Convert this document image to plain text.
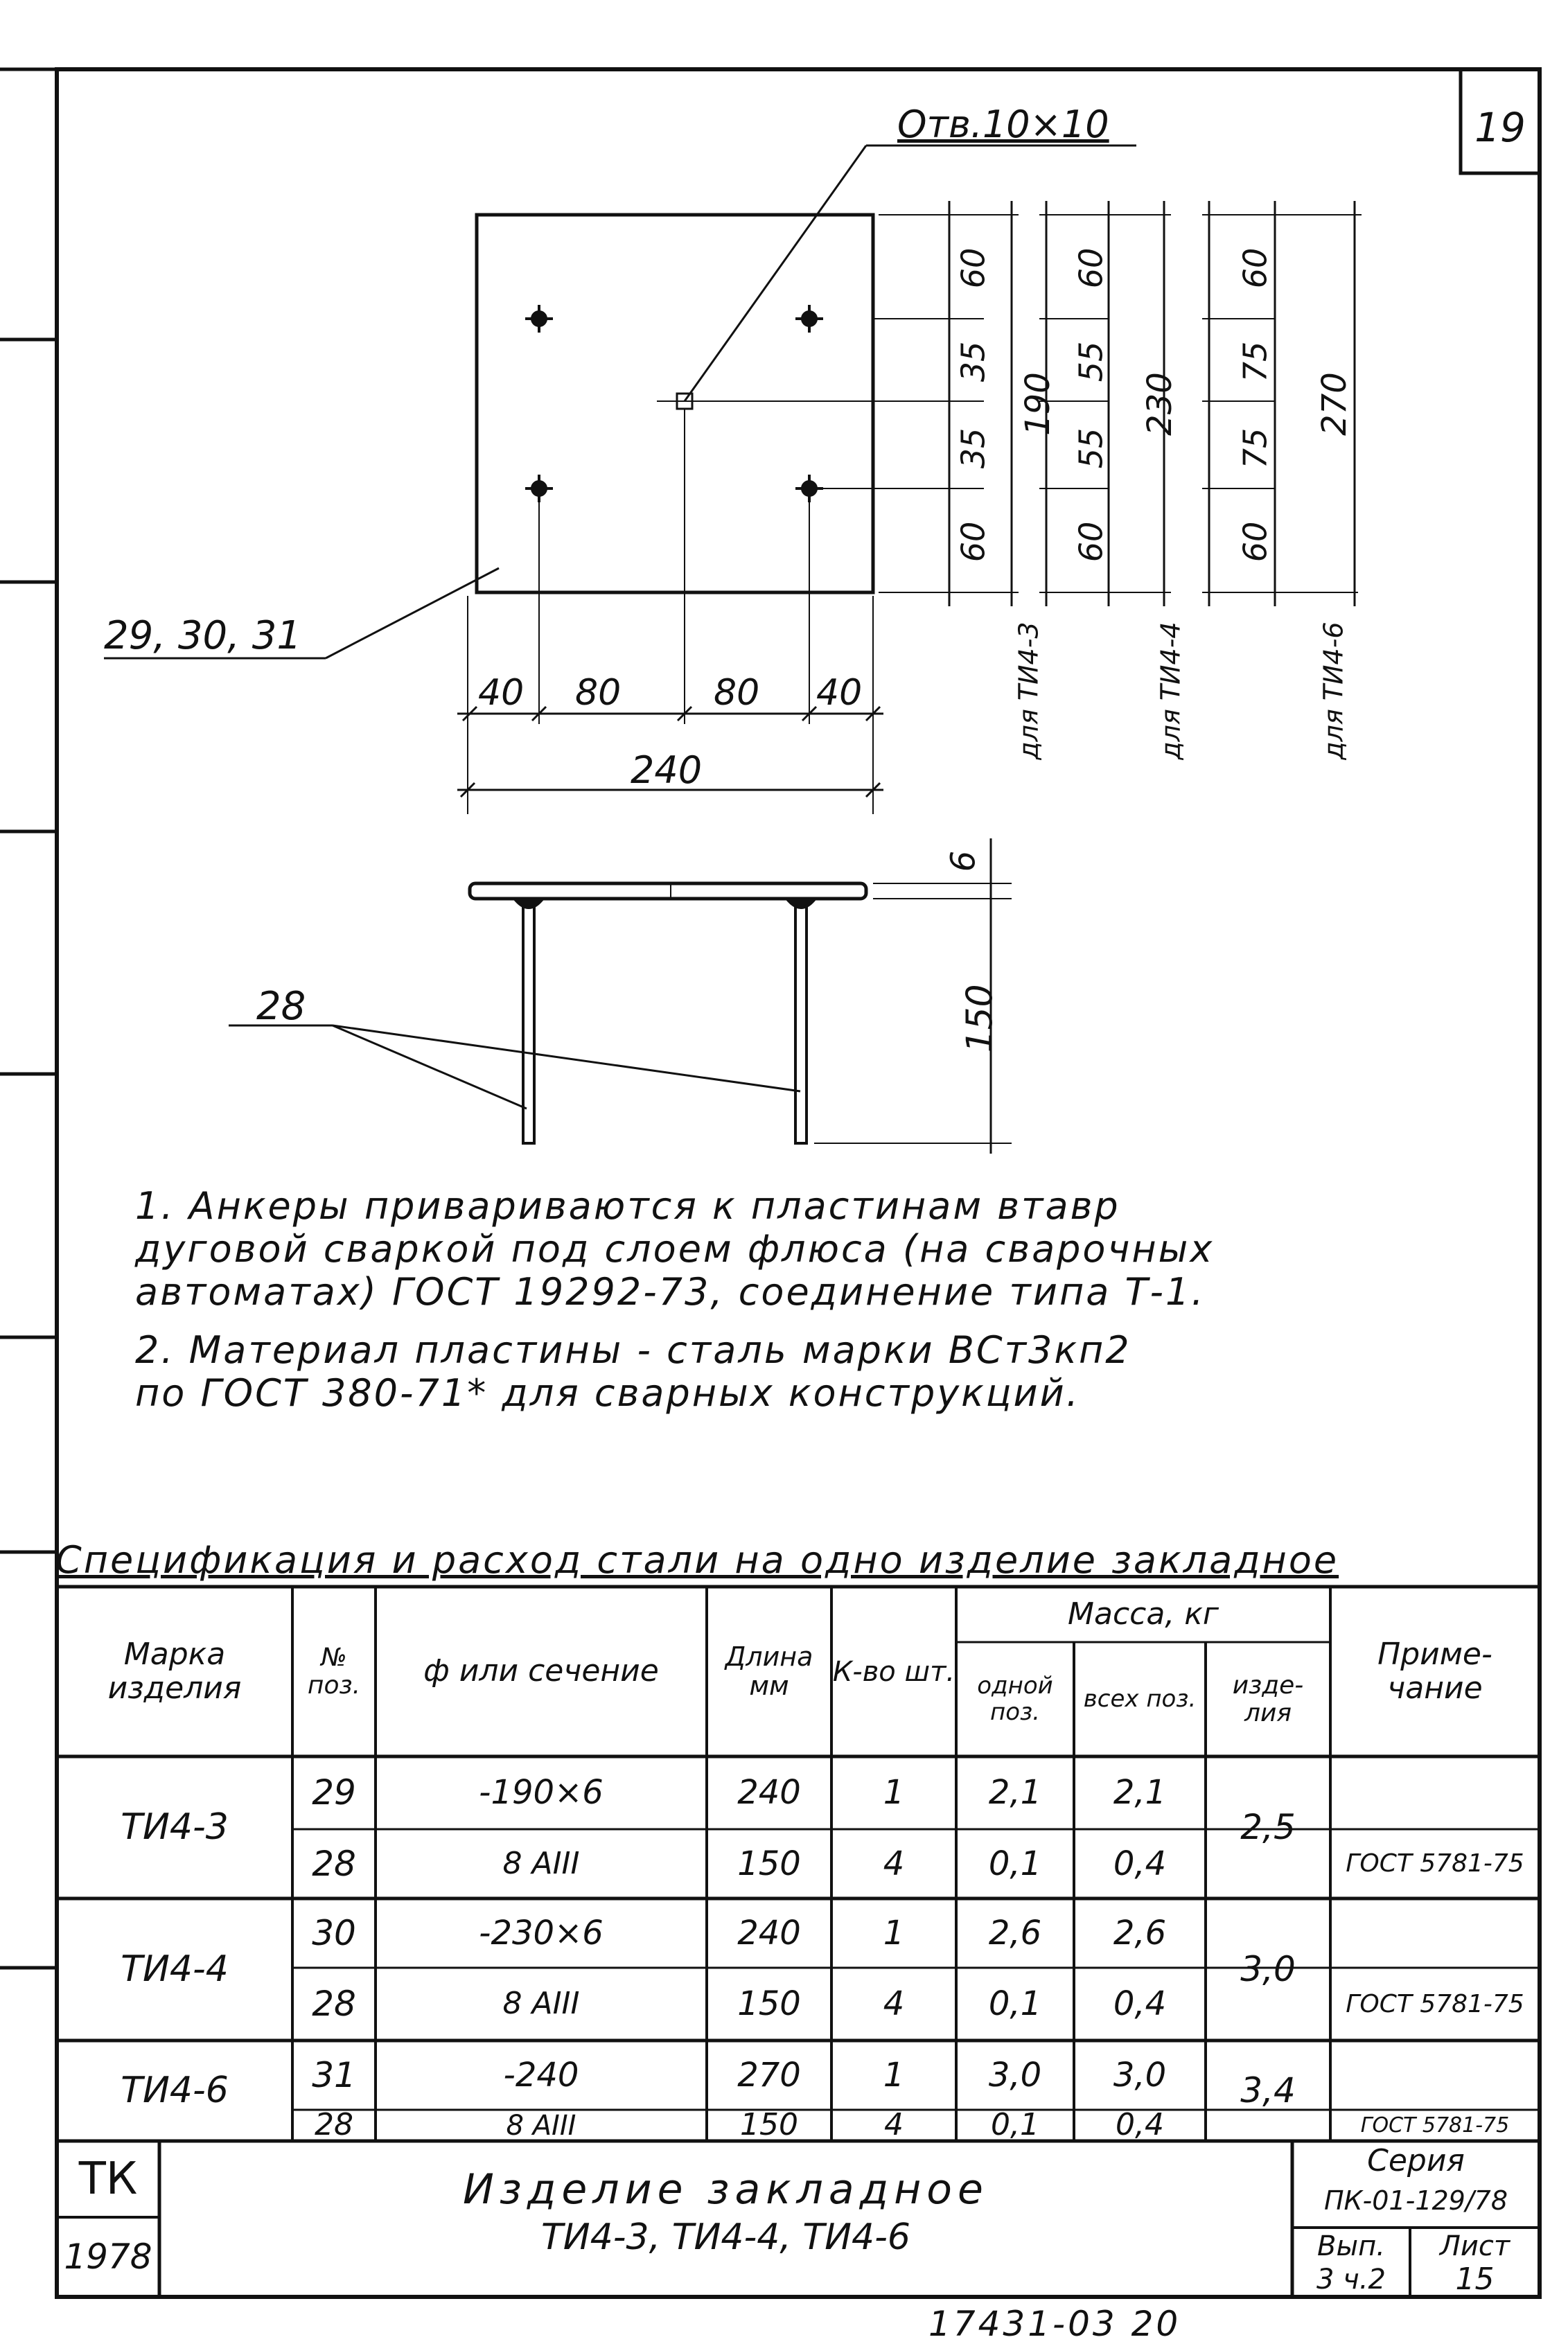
19
Отв.10×10
29, 30, 31
28
40 80	80 40
240
6
150
60
35
35
60
190
для ТИ4-3
60
55
55
60
230
для ТИ4-4
60
75
75
60
270
для ТИ4-6
1. Анкеры привариваются к пластинам втавр
дуговой сваркой под слоем флюса (на сварочных
автоматах) ГОСТ 19292-73, соединение типа Т-1.
2. Материал пластины - сталь марки ВСт3кп2
по ГОСТ 380-71* для сварных конструкций.
Спецификация и расход стали на одно изделие закладное
Марка изделия
№ поз.	ф или сечение	Длина мм	К-во шт.
Масса, кг
одной поз.	всех поз.	изде- лия
Приме- чание
ТИ4-3	2,5
29	-190×6	240	1	2,1	2,1
28	8 AIII	150	4	0,1	0,4	ГОСТ 5781-75
ТИ4-4	3,0
30	-230×6	240	1	2,6	2,6
28	8 AIII	150	4	0,1	0,4	ГОСТ 5781-75
ТИ4-6	3,4
31	-240	270	1	3,0	3,0
28	8 AIII	150	4	0,1	0,4	ГОСТ 5781-75
ТК
1978
Изделие закладное
ТИ4-3, ТИ4-4, ТИ4-6
Серия
ПК-01-129/78
Вып.
3 ч.2
Лист
15
17431-03 20
